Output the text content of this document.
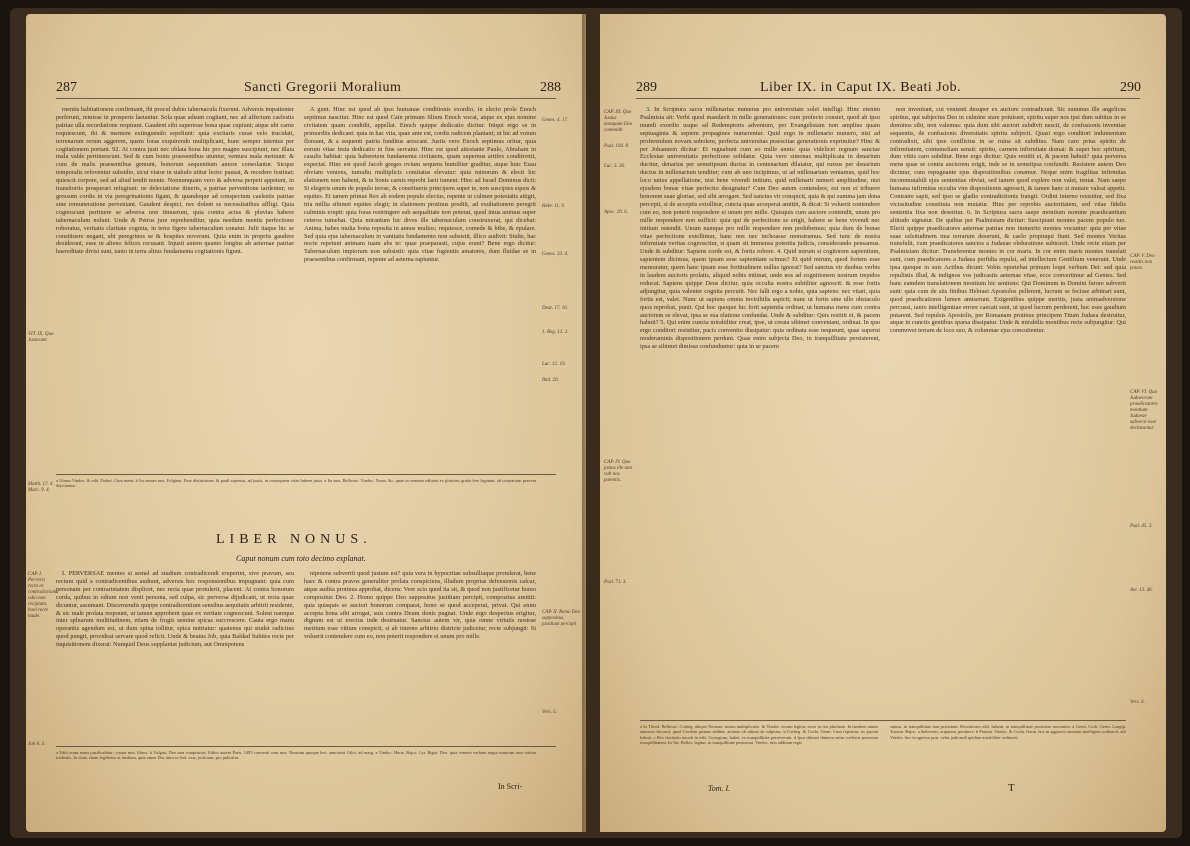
287	Sancti Gregorii Moralium	288
VIT. IX. Quo Justorum
Matth. 17. 4. Marc. 9. 4.

rnentis habitationem confirmant, ibi procul dubio tabernacula fixerunt. Adversis impatienter perferunt, remisse in prosperis laetantur. Sola quae adsunt cogitant, nec ad affectum caelestis patriae ulla recordatione respirant. Gaudent sibi superesse bona quae cupiunt; atque ubi carne requiescunt, ibi & mentem extinguendo sepeliunt: quia excitaris curae velo trucidati, terrenarum rerum aggerem, quem foras exquirendo multiplicant, hunc semper intentus per cogitationem portant. 92. At contra justi nec oblata bona hic pro magno suscipiunt, nec illata mala valde pertimescunt. Sed & cum bonis praesentibus utuntur, ventura mala metuunt: & cum de malis praesentibus gemunt, bonorum sequentium amore consolantur. Sicque temporalis refoventur subsidio, sicut viator in stabulo utitur lecto: pausat, & recedere festinat; quiescit corpore, sed ad aliud tendit mente. Nonnunquam vero & adversa perpeti appetunt, in transitoriis prosperari refugiunt: ne delectatione itineris, a patriae perventione tardentur; ne gressum cordis in via peregrinationis figant, & quandoque ad conspectum caelestis patriae sine remuneratione perveniant. Gaudent despici, nec dolent se necessitatibus affligi. Quia cognoscunt pertinere se adversa non timuerunt, quia contra actus & pluvias habere tabernaculum nolunt. Unde & Petrus jure reprehenditur, quia needum mentis perfectione roboratus, veritatis claritate cognita, in terra figere tabernaculum conatur. Julii itaque hic se constituere negant, ubi peregrinos se & hospites noverunt. Quia enim in propriis gaudere desiderant, esse in alieno felices recusant. Injusti autem quanto longius ab aeternae patriae haereditate divisi sunt, tanto in terra altius fundamenta cogitationis figunt.

A gunt. Hinc est quod ab ipso humanae conditionis exordio, in electo prole Enoch septimus nascitur. Hinc est quod Cain primum filium Enoch vocat, atque ex ejus nomine civitatem quam condidit, appellat. Enoch quippe dedicatio dicitur. Iniqui ergo se in primordiis dedicant: quia in hac vita, quae ante est, cordis radicem plantant; ut hic ad votum floreant, & a sequenti patria funditus arescant. Justis vero Enoch septimus oritur, quia eorum vitae festa dedicatio in fine servatur. Hinc est quod attestante Paulo, Abraham in casulis habitat: quia haberetem fundamenta civitatem, quam supernus artifex conditroxit, expectat. Hinc est quod Jacob greges ovium sequens humiliter graditur, atque huic Esau obviam veniens, tumultu multiplicis comitatus elevatur: quia minorum & electi hic elationem non habent, & in bonis carnis reprobi laeti tument. Hinc ad Israel Dominus dicit: Si elegeris unum de populo terrae, & constitueris principem super te, non suscipies equos & equites. Et tamen primus Rex ab eodem populo electus, repente ut culmen potestatis attigit, tria millia sibimet equites elegit; in elationem protinus prodiit, ad exultationem peregrit culminis erupit: quia foras restringere sub aequalitate non poterat, quod intus animus super ceteros tumebat. Quia mirantum hic dives ille tabernaculum construxerat, qui dicebat: Anima, habes multa bona reposita in annos multos; requiesce, comede & bibe, & epulare. Sed quia ejus tabernaculum in vanitatis fundamento non subsistit, illico audivit: Stulte, hac nocte repetunt animam tuam abs te: quae praeparasti, cujus erunt? Bene ergo dicitur: Tabernaculum impiorum non subsistit: quia vitae fugientis amatores, dum fluidae se in praesentibus confirmant, repente ad aeterna rapiuntur.

Genes. 4. 17.
Hebr. 11. 9.
Genes. 33. 4.
Deut. 17. 16.
1. Reg. 13. 2.
Luc. 12. 19.
Ibid. 20.
a Utrum Vindoc. & edit. Foderi. Cum mens. b Ita omnes mss. Fulginat. Esse distinctione, & pauli superius, ad justis, in consequens vitae habere justo. a Ita mss. Bellovac. Vindoc. Norm. &c. quae in veneunt editioni ex plurimis gratia fere legantur, ad contrarium pravem dejiciuntur.
LIBER NONUS.
Caput nonum cum toto decimo explanat.
CAP. I. Perversi recta ex contradictionis odio non recipiunt, boni recte laude.
Job 8. 3.

I. PERVERSAE mentes si semel ad studium contradicendi eruperint, sive pravum, seu rectum quid a contradicentibus audiunt, adversis hoc responsionibus impugnant: quia cum personam per contrarietatem displicet, nec recta quae protulerit, placent. At contra bonorum corda, quibus in odium non venit persona, sed culpa, sic perversa dijudicant, ut recta quae dicuntur, assumant. Discernendis quippe contradicentium sensibus aequitatis arbitrii residente, & sic male prolata respuunt, ut tamen approbent quae ex veritate cognoscunt. Solent namque inter splnarum multitudinem, etiam de frugis semine spicas succrescere. Cauta ergo manu operantis agendum est, ut dum spina tollitur, spica nutriatur: quatenus qui studet radicitus quod pungit, provideat servare quod reficit. Unde & beatus Job, quia Baldad Suhites recte per inquisitionem dixerat: Nunquid Deus supplantat judicium, aut Omnipotens

nipotens subvertit quod justum est? quia vera in hypocritae subsulliaque protulerat, bene haec & contra pravos generaliter prolata conspiciens, illudum proprias defensionis calcar, atque audita protinus approbat, dicens: Vere scio quod ita sit, & quod non justificetur homo compositus Deo. 2. Homo quippe Deo suppositus justitiam percipit, compositus amittit: quia quisquis se auctori bonorum comparat, bono se quod acceperat, privat. Qui enim accepta bona sibi arrogat, suis contra Deum donis pugnat. Unde ergo despectus erigitur, dignum est ut erectus inde destruatur. Sanctus autem vir, quia omne virtutis nostrae meritum esse vitium conspicit, si ab interno arbitrio districte judicetur, recte subjungit: Si voluerit contendere cum eo, non poterit respondere ei unum pro mille.

CAP. II. Remo Deo suppositus, justitiam percipit
Vers. 5.
a Editi erant antea justificabitur; contra mss. libros. b Vulgati, Deo non compositus. Editio autem Paris. 1495 conventi cum mss. Nostrum quoque lect. annotavit Gilot. ad marg. a Vindoc. Hertz. Bajoc. Lyr. Bigot. Deo: quia veneret verbum negui nimirum esse vitium tradentis. In vitae, etiam legebatur ut inediam, quia omne Dos intra se lerd. esse, judicatur, pro judicatur.
In Scri-
289	Liber IX. in Caput IX. Beati Job.	290
CAP. III. Quo Justus nonquam Deo contendit
Psal. 104. 8.
Luc. 3. 36.
Apoc. 20. 6.
CAP. IV. Quo justus ille non vult nos potentis.
Psal. 71. 3.

3. In Scriptura sacra millenarius numerus pro universitate solet intelligi. Hinc etenim Psalmista ait: Verbi quod mandavit in mille generationes: cum profecto constet, quod ab ipso mundi exordio usque ad Redemptoris adventum, per Evangelistam non amplius quam septuaginta & septem propagines numerentur. Quid ergo in millenario numero, nisi ad proferendum novam sobolem, perfecta universitas praescitae generationis exprimitur? Hinc & per Johannem dicitur: Et regnabunt cum eo mille annis: quia videlicet regnum sanctae Ecclesiae universitatis perfectione solidatur. Quia vero simonas multiplicata in denarium ducitur, denarius per semetipsum ductus in centenarium dilatatur, qui rursus per denarium ductus in millenarium tenditur; cum ab uno incipimus, ut ad millenarium veniamus, quid hoc loco unius appellatione, nisi bene vivendi initium, quid millenarii numeri amplitudine, nisi ejusdem bonae vitae perfectio designatur? Cum Deo autem contendere, est non ei tribuere honorem suae gloriae, sed sibi arrogare. Sed sanctus vir conspicit, quia & qui summa jam dona percepit, si de acceptis extollitur, cuncta quae acceperat amittit, & dicat: Si voluerit contendere cum eo, non poterit respondere ei unum pro mille. Quisquis cum auctore contendit, unum pro mille respondere non sufficit: quia qui de perfectione se erigit, habere se bene vivendi nec initium ostendit. Unum namque pro mille respondere non prohibemus; quia dum de bonae vitae perfectione extollimur, hanc nos nec inchoasse monstramus. Sed tunc de nostra infirmitate veritas cognoscitur, si quam sit immensa potentia judicis, considerando pensamus. Unde & subditur: Sapiens corde est, & fortis robore. 4. Quid mirum si cogitorem sapientium, sapientem dicimus, quem ipsam esse sapientiam scimus? Et quid mirum, quod fortem esse memoratur, quem hanc ipsam esse fortitudinem nullus ignorat? Sed sanctus vir duobus verbis in laudem auctoris prolatis, aliquid nobis intimat, unde nos ad cognitionem nostram trepidos reducat. Sapiens quippe Deus dicitur, quia occulta nostra subtiliter agnoscit: & esse fortis adjungitur, quia valenter cognita percutit. Nec falli ergo a nobis, quia sapiens: nec vitari, quia fortis est, valet. Nunc ut sapiens omnia invisibilis aspicit; nunc ut fortis sine ullo obstaculo quos reprobat, punit. Qui hoc quoque hic forti sapientia ordinat, ut humana mens cum contra auctorem se elevat, ipsa se sua elatione confundat. Unde & subditur: Quis restitit ei, & pacem habuit? 5. Qui enim cuncta mirabiliter creat, ipse, ut creata sibimet conveniant, ordinat. In quo ergo conditori resistitur, pacis conventio dissipatur: quia ordinata esse nequeunt, quae superni moderaminis dispositionem perdunt. Quae enim subjecta Deo, in tranquillitate persisterent, ipsa se sibimet dimissa confunduntur: quia in se pacem

non inveniunt, cui venienti desuper ex auctore contradicunt. Sic summus ille angelicus spiritus, qui subjectus Deo in culmine stare potuisset, spiritu super nos ipsi dum subitus in se dominos sibi, non valemus: quia dum sibi auctori subdivit nescit, de confusionis inventiae sequentis, de confusionis diversitatis spiritu subjecti. Quasi ergo conditori indumentum contradixit, sibi ipse conflictus in se ruina sit subditus. Nam caro prius spiritu de infirmitatem, contumeliam sensit: spiritu, carnem infirmitate domat: & super hoc spiritum, dum vitiis caro subditur. Bene ergo dicitur: Quis restitit ei, & pacem habuit? quia perversa mens quae se contra auctorem erigit, inde se in semetipsa confundit. Resistere autem Deo dicimur, cum repugnante ejus dispositionibus conamur. Neque enim fragilitas infirmitas incommutabili ejus sententiae obviat, sed tamen quod explere non valet, tentat. Nam saepe humana infirmitas occulta vim dispositionis agnoscit, & tamen hanc si mutare valeat appetit. Contraire sapit, sed ipso se gladio contradictionis frangit. Ordini interno resistitur, sed fixa vicissitudine constituta non mutatur. Hinc per reprobis auctoritatem, sed vitae fidelis sententia fixa non deseritur. 6. In Scriptura sacra saepe montium nomine praedicantium altitudo signatur. De quibus per Psalmistam dicitur: Suscipiant montes pacem populo tuo. Electi quippe praedicatores aeternae patriae non immerito montes vocantur: quia per vitae suae celsitudinem ima terrarum deserunt, & caelo propinqui fiunt. Sed montes Veritas transfulit, cum praedicatores sanctos a Judaeae obduratione subtraxit. Unde recte etiam per Psalmistam dicitur: Transferentur montes in cor maris. In cor enim maris montes translati sunt, cum praedicatores a Judaea perfidia repulsi, ad intellectum Gentilium venerunt. Unde ipsa quoque in suis Actibus dicunt: Vobis oportebat primum loqui verbum Dei: sed quia repulistis illud, & indignos vos judicastis aeternae vitae, ecce convertimur ad Gentes. Sed hanc eamdem translationem montium hic sentiens: Qui Dominum in Domini furore subverti sunt: quia cum de siis finibus Hebraei Apostolos pellerent, lucrum se fecisse arbitrari sunt, quod praedicationis lumen amiserunt. Exigentibus quippe meritis, justa animadversione percussi, tanto intelligentiae errore caecati sunt, ut quod lucrum perderent, hoc esse gaudium putarent. Sed repulsis Apostolis, per Romanam protinus principem Titum Judaea destruitur, atque in cunctis gentibus sparsa dissipatur. Unde & mirabilis montibus recte subjungitur: Qui commovet terram de loco suo, & columnae ejus concutientur.

CAP. V. Deo restitis non potest.
CAP. VI. Quo Judaeorum praedicatores montium Judaeae subversi esse declarantur
Psal. 45. 3.
Act. 13. 46.
Vers. 6.
a In Theod. Bellovac. Corbeg. ubique Norman. nostra multiplicatio. In Vindoc. eorum legitur, novo in ceu plurimae. In tamdem annos animoso decurrit, quod Corabin primus additur, animae ob ultima ab sulpitius. b Corbeg. & Cocla. Germ. Cum reperitur, ex pacem habuit. c Rex fortitudo nuculi in edit. Cortegium, habet, ex tranquillitate perseverant. d Ipsa sibimet dimissa enim coelestis pratorum tranquillitatem, In Vat. Bellov. legitur, in tranquillitate persistunt. Vindoc. niss additum regis
sumus, in tranquillitate non persistunt. Recentiores edit. habent, in tranquillitate persistere noscuntur. a Germ. Corb. Germ. Longip. Tuoson. Bajoc. a Subversis, eripuisse, pertinere. b Pratum. Vindoc. & Cocla. Germ. hoc in aggravio omnium intelligens ordinavit; alii Vindoc. hoc in agressu posi. velut judicandi quidam mirabiliter ordinavit.
Tom. I.	T
